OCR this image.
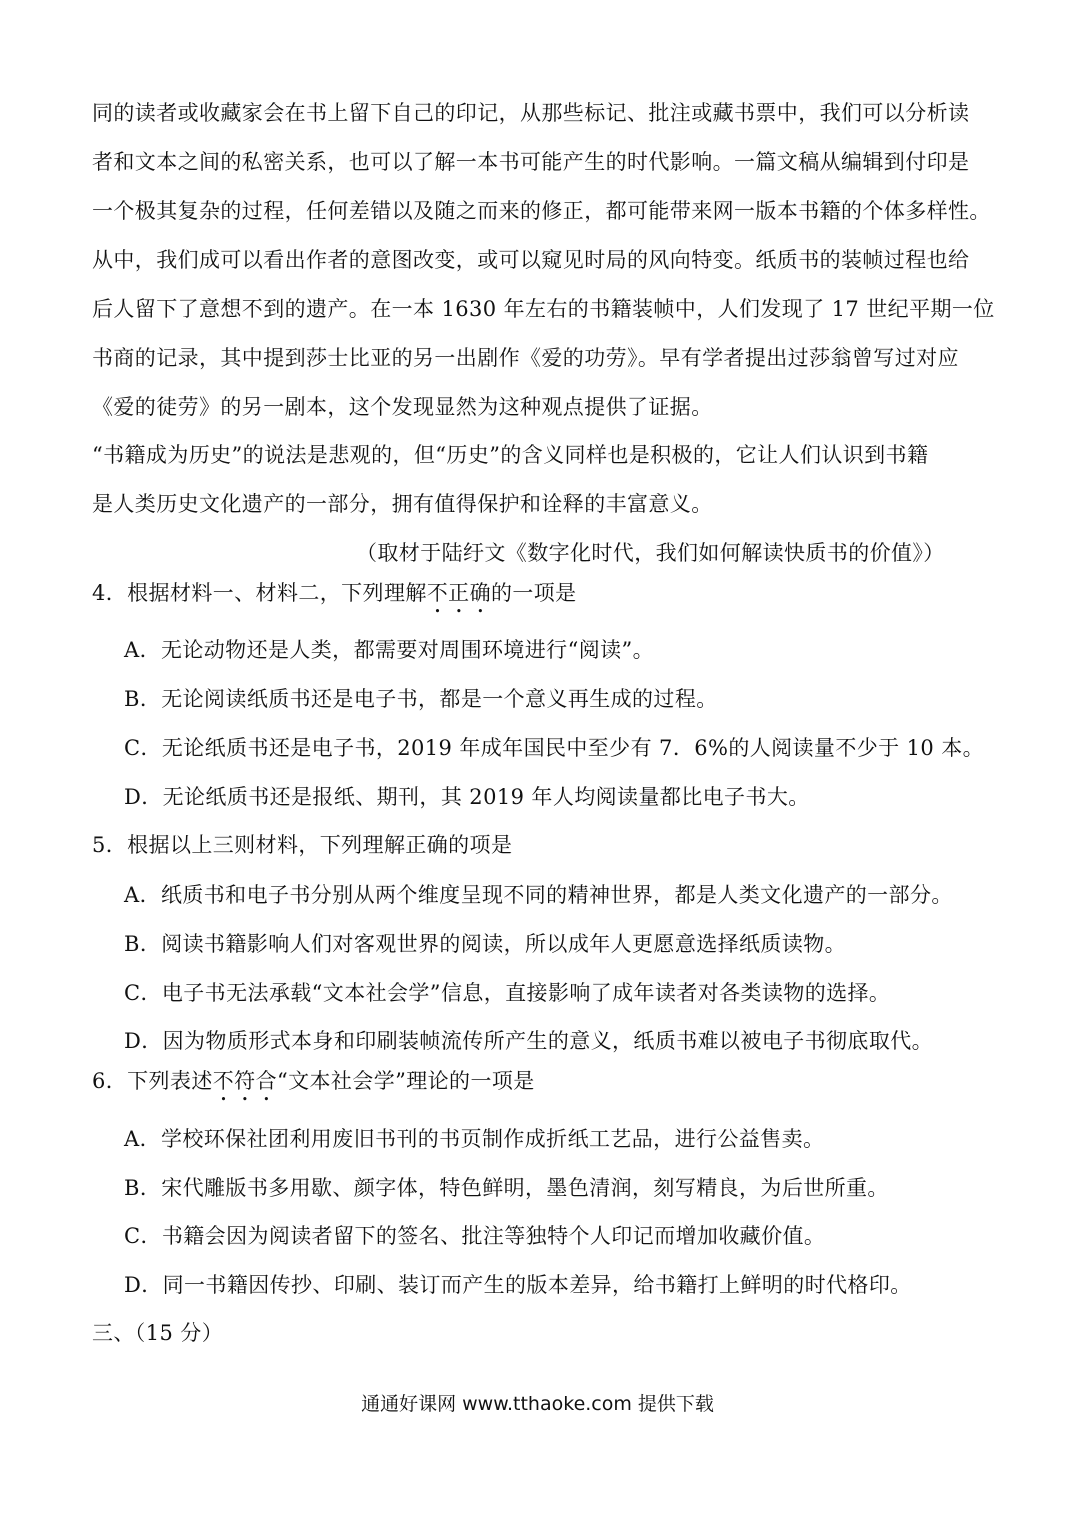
同的读者或收藏家会在书上留下自己的印记，从那些标记、批注或藏书票中，我们可以分析读
者和文本之间的私密关系，也可以了解一本书可能产生的时代影响。一篇文稿从编辑到付印是
一个极其复杂的过程，任何差错以及随之而来的修正，都可能带来网一版本书籍的个体多样性。
从中，我们成可以看出作者的意图改变，或可以窥见时局的风向特变。纸质书的装帧过程也给
后人留下了意想不到的遗产。在一本 1630 年左右的书籍装帧中，人们发现了 17 世纪平期一位
书商的记录，其中提到莎士比亚的另一出剧作《爱的功劳》。早有学者提出过莎翁曾写过对应
《爱的徒劳》的另一剧本，这个发现显然为这种观点提供了证据。
“书籍成为历史”的说法是悲观的，但“历史”的含义同样也是积极的，它让人们认识到书籍
是人类历史文化遗产的一部分，拥有值得保护和诠释的丰富意义。
（取材于陆纡文《数字化时代，我们如何解读快质书的价值》）
4．根据材料一、材料二，下列理解不正确的一项是
A．无论动物还是人类，都需要对周围环境进行“阅读”。
B．无论阅读纸质书还是电子书，都是一个意义再生成的过程。
C．无论纸质书还是电子书，2019 年成年国民中至少有 7．6%的人阅读量不少于 10 本。
D．无论纸质书还是报纸、期刊，其 2019 年人均阅读量都比电子书大。
5．根据以上三则材料，下列理解正确的项是
A．纸质书和电子书分别从两个维度呈现不同的精神世界，都是人类文化遗产的一部分。
B．阅读书籍影响人们对客观世界的阅读，所以成年人更愿意选择纸质读物。
C．电子书无法承载“文本社会学”信息，直接影响了成年读者对各类读物的选择。
D．因为物质形式本身和印刷装帧流传所产生的意义，纸质书难以被电子书彻底取代。
6．下列表述不符合“文本社会学”理论的一项是
A．学校环保社团利用废旧书刊的书页制作成折纸工艺品，进行公益售卖。
B．宋代雕版书多用歇、颜字体，特色鲜明，墨色清润，刻写精良，为后世所重。
C．书籍会因为阅读者留下的签名、批注等独特个人印记而增加收藏价值。
D．同一书籍因传抄、印刷、装订而产生的版本差异，给书籍打上鲜明的时代格印。
三、（15 分）
通通好课网 www.tthaoke.com 提供下载
